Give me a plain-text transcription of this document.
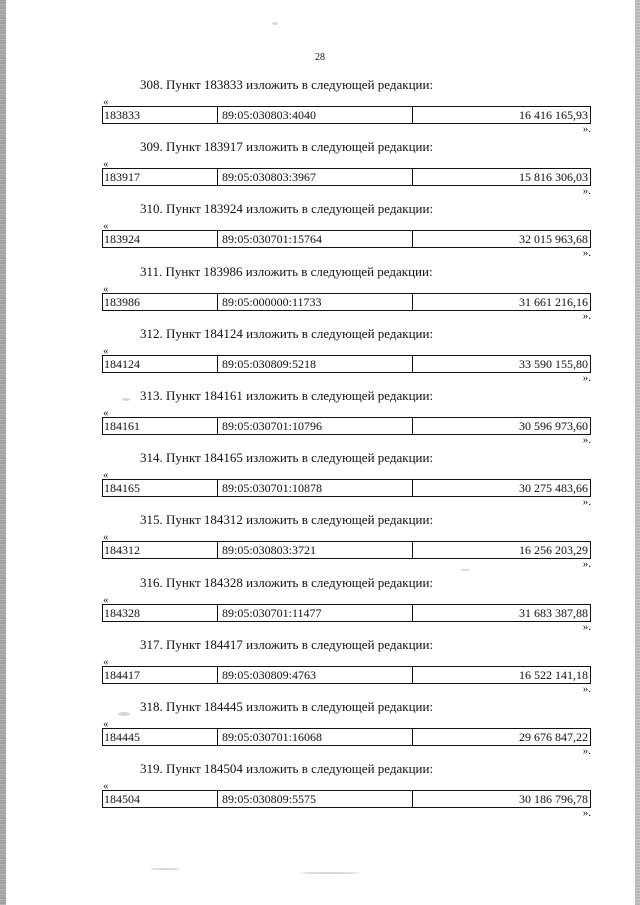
28
308. Пункт 183833 изложить в следующей редакции:
«
183833	89:05:030803:4040	16 416 165,93
».
309. Пункт 183917 изложить в следующей редакции:
«
183917	89:05:030803:3967	15 816 306,03
».
310. Пункт 183924 изложить в следующей редакции:
«
183924	89:05:030701:15764	32 015 963,68
».
311. Пункт 183986 изложить в следующей редакции:
«
183986	89:05:000000:11733	31 661 216,16
».
312. Пункт 184124 изложить в следующей редакции:
«
184124	89:05:030809:5218	33 590 155,80
».
313. Пункт 184161 изложить в следующей редакции:
«
184161	89:05:030701:10796	30 596 973,60
».
314. Пункт 184165 изложить в следующей редакции:
«
184165	89:05:030701:10878	30 275 483,66
».
315. Пункт 184312 изложить в следующей редакции:
«
184312	89:05:030803:3721	16 256 203,29
».
316. Пункт 184328 изложить в следующей редакции:
«
184328	89:05:030701:11477	31 683 387,88
».
317. Пункт 184417 изложить в следующей редакции:
«
184417	89:05:030809:4763	16 522 141,18
».
318. Пункт 184445 изложить в следующей редакции:
«
184445	89:05:030701:16068	29 676 847,22
».
319. Пункт 184504 изложить в следующей редакции:
«
184504	89:05:030809:5575	30 186 796,78
».
